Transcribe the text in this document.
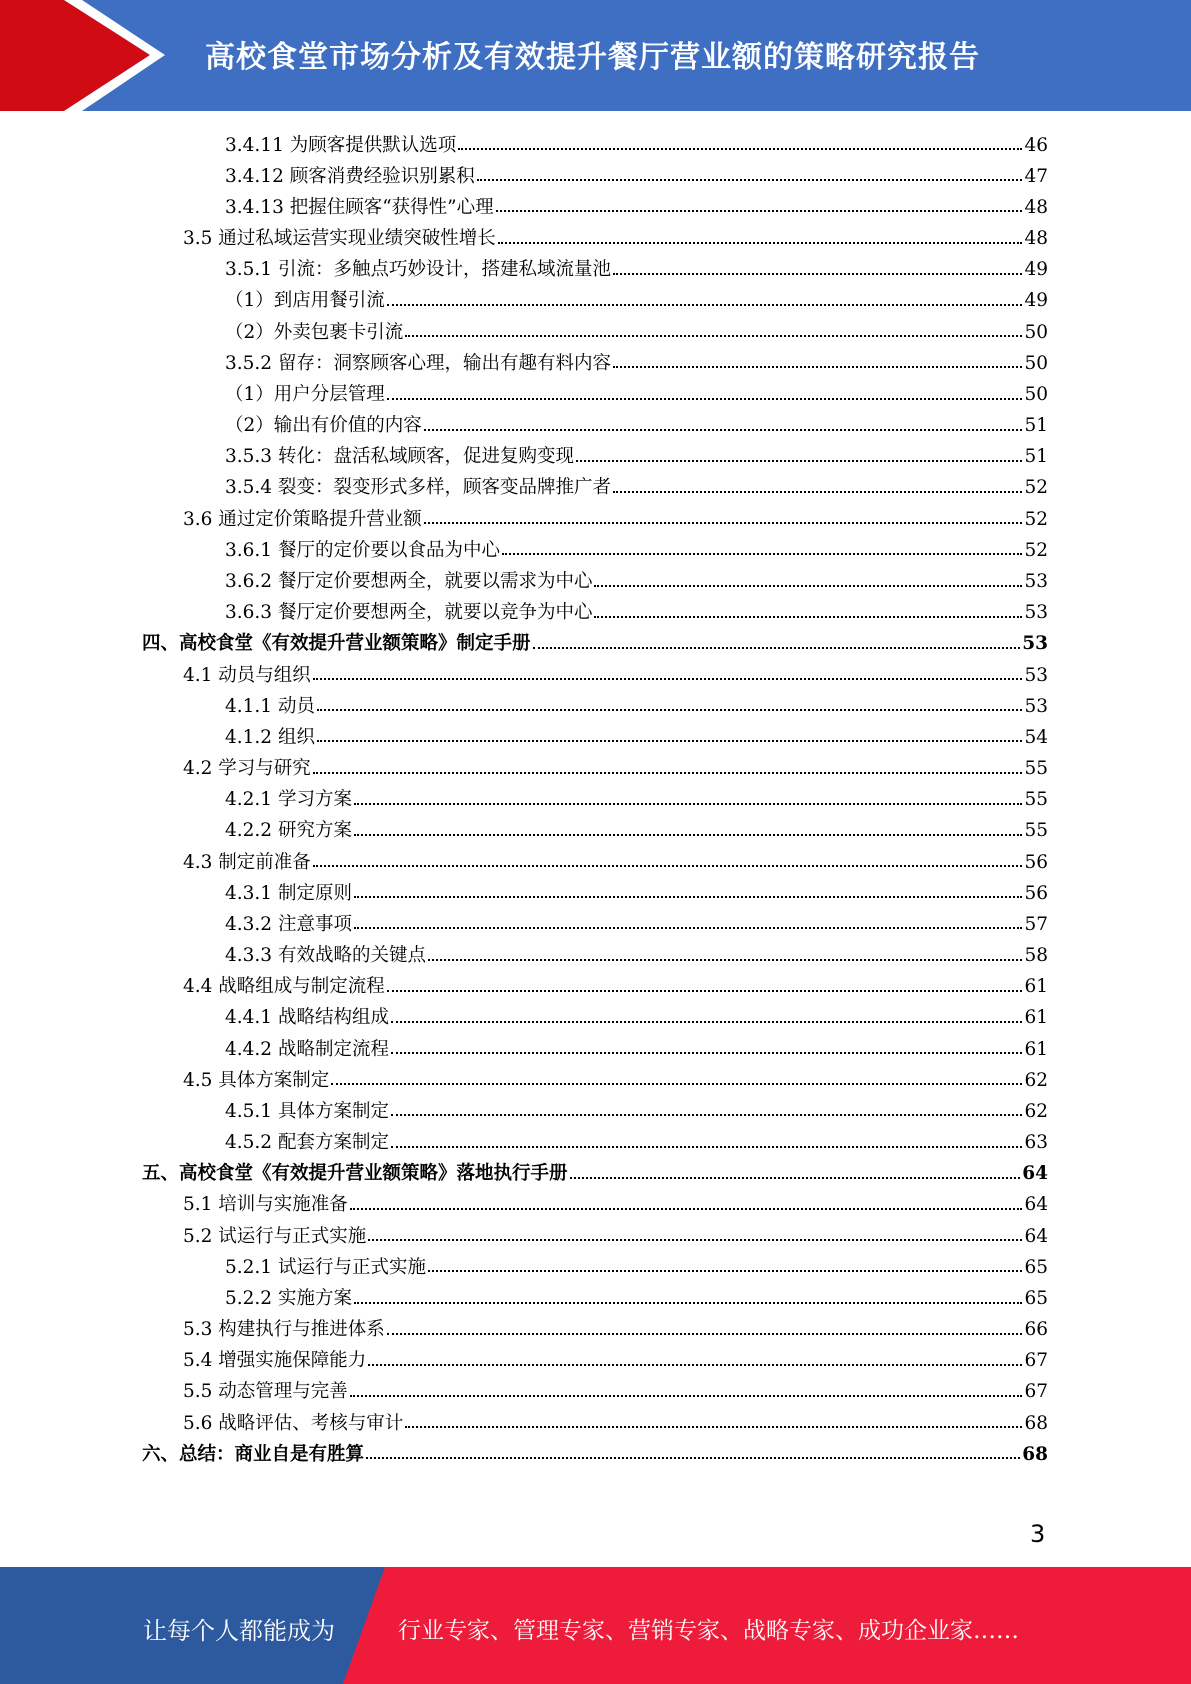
高校食堂市场分析及有效提升餐厅营业额的策略研究报告
3.4.11 为顾客提供默认选项	46
3.4.12 顾客消费经验识别累积	47
3.4.13 把握住顾客“获得性”心理	48
3.5 通过私域运营实现业绩突破性增长	48
3.5.1 引流：多触点巧妙设计，搭建私域流量池	49
（1）到店用餐引流	49
（2）外卖包裹卡引流	50
3.5.2 留存：洞察顾客心理，输出有趣有料内容	50
（1）用户分层管理	50
（2）输出有价值的内容	51
3.5.3 转化：盘活私域顾客，促进复购变现	51
3.5.4 裂变：裂变形式多样，顾客变品牌推广者	52
3.6 通过定价策略提升营业额	52
3.6.1 餐厅的定价要以食品为中心	52
3.6.2 餐厅定价要想两全，就要以需求为中心	53
3.6.3 餐厅定价要想两全，就要以竞争为中心	53
四、高校食堂《有效提升营业额策略》制定手册	53
4.1 动员与组织	53
4.1.1 动员	53
4.1.2 组织	54
4.2 学习与研究	55
4.2.1 学习方案	55
4.2.2 研究方案	55
4.3 制定前准备	56
4.3.1 制定原则	56
4.3.2 注意事项	57
4.3.3 有效战略的关键点	58
4.4 战略组成与制定流程	61
4.4.1 战略结构组成	61
4.4.2 战略制定流程	61
4.5 具体方案制定	62
4.5.1 具体方案制定	62
4.5.2 配套方案制定	63
五、高校食堂《有效提升营业额策略》落地执行手册	64
5.1 培训与实施准备	64
5.2 试运行与正式实施	64
5.2.1 试运行与正式实施	65
5.2.2 实施方案	65
5.3 构建执行与推进体系	66
5.4 增强实施保障能力	67
5.5 动态管理与完善	67
5.6 战略评估、考核与审计	68
六、总结：商业自是有胜算	68
3
让每个人都能成为	行业专家、管理专家、营销专家、战略专家、成功企业家……
